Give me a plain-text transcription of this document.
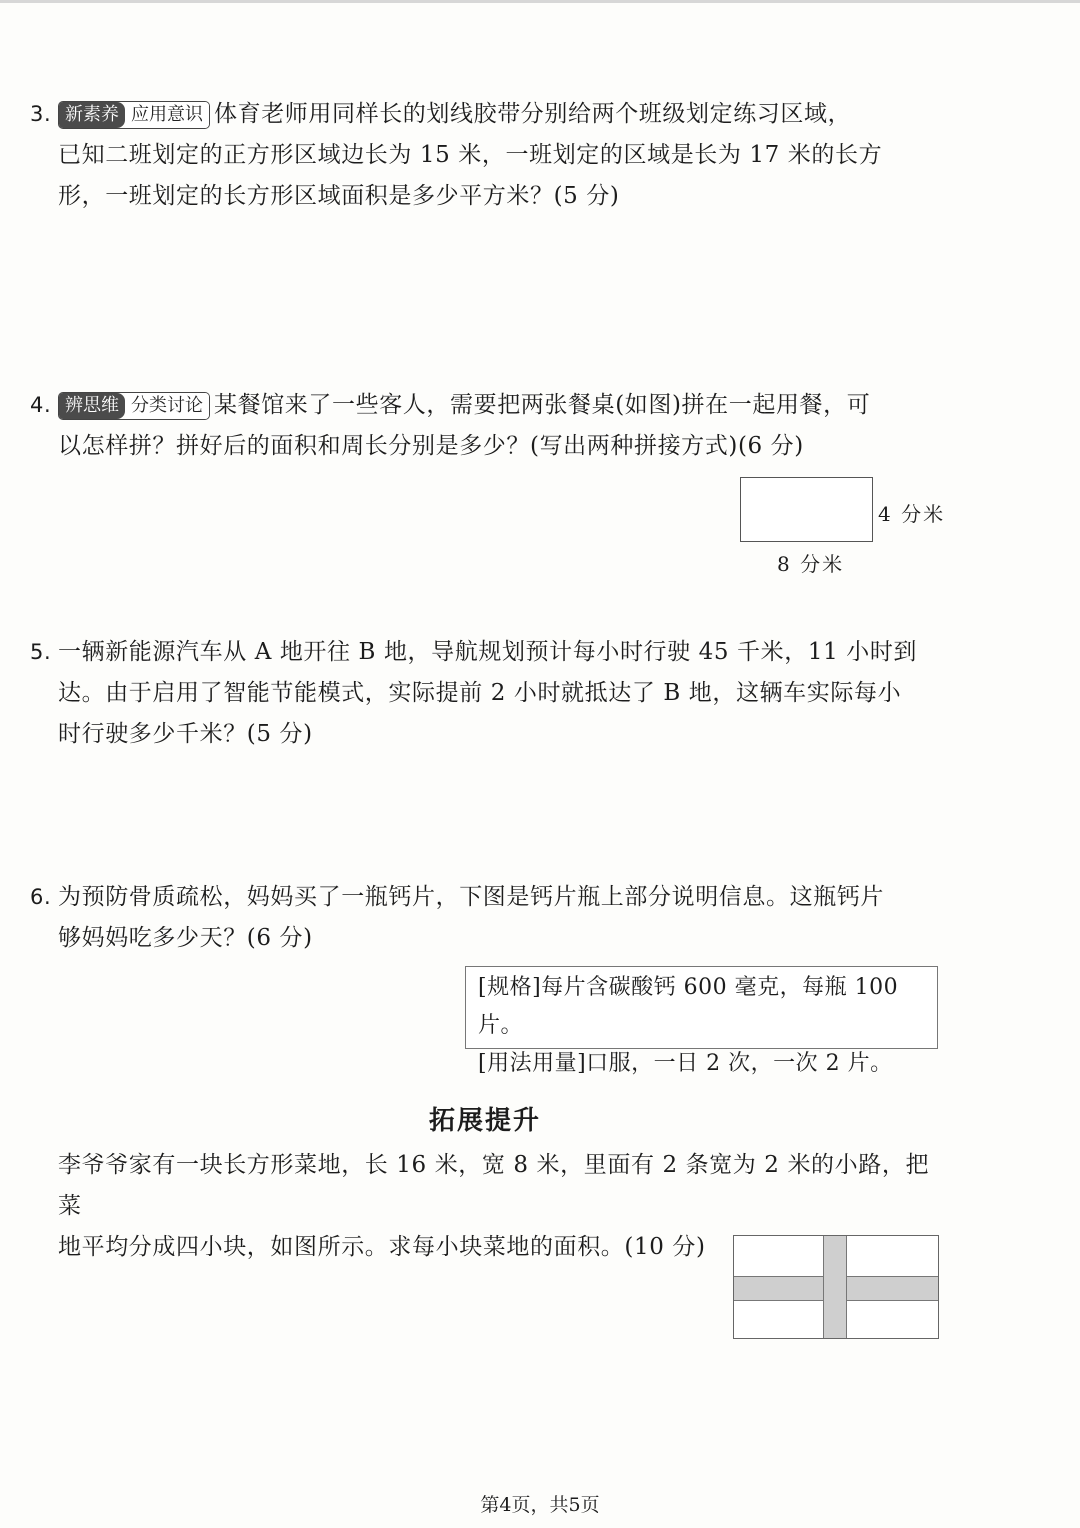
3. 新素养 应用意识 体育老师用同样长的划线胶带分别给两个班级划定练习区域，
已知二班划定的正方形区域边长为 15 米，一班划定的区域是长为 17 米的长方
形，一班划定的长方形区域面积是多少平方米？(5 分)
4. 辨思维 分类讨论 某餐馆来了一些客人，需要把两张餐桌(如图)拼在一起用餐，可
以怎样拼？拼好后的面积和周长分别是多少？(写出两种拼接方式)(6 分)
4 分米
8 分米
5. 一辆新能源汽车从 A 地开往 B 地，导航规划预计每小时行驶 45 千米，11 小时到
达。由于启用了智能节能模式，实际提前 2 小时就抵达了 B 地，这辆车实际每小
时行驶多少千米？(5 分)
6. 为预防骨质疏松，妈妈买了一瓶钙片，下图是钙片瓶上部分说明信息。这瓶钙片
够妈妈吃多少天？(6 分)
[规格]每片含碳酸钙 600 毫克，每瓶 100 片。
[用法用量]口服，一日 2 次，一次 2 片。
拓展提升
李爷爷家有一块长方形菜地，长 16 米，宽 8 米，里面有 2 条宽为 2 米的小路，把菜
地平均分成四小块，如图所示。求每小块菜地的面积。(10 分)
第4页，共5页
